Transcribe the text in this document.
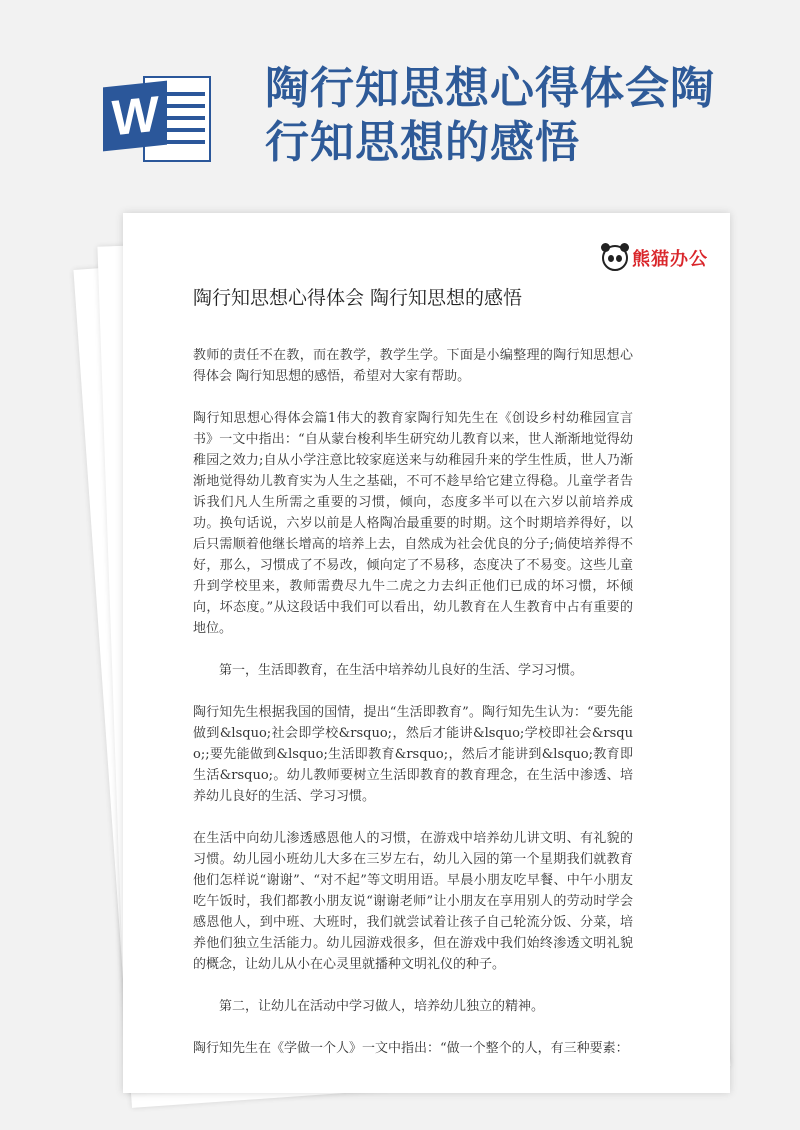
W 陶行知思想心得体会陶行知思想的感悟
熊猫办公
陶行知思想心得体会 陶行知思想的感悟

教师的责任不在教，而在教学，教学生学。下面是小编整理的陶行知思想心得体会 陶行知思想的感悟，希望对大家有帮助。

陶行知思想心得体会篇1伟大的教育家陶行知先生在《创设乡村幼稚园宣言书》一文中指出：“自从蒙台梭利毕生研究幼儿教育以来，世人渐渐地觉得幼稚园之效力;自从小学注意比较家庭送来与幼稚园升来的学生性质，世人乃渐渐地觉得幼儿教育实为人生之基础，不可不趁早给它建立得稳。儿童学者告诉我们凡人生所需之重要的习惯，倾向，态度多半可以在六岁以前培养成功。换句话说，六岁以前是人格陶冶最重要的时期。这个时期培养得好，以后只需顺着他继长增高的培养上去，自然成为社会优良的分子;倘使培养得不好，那么，习惯成了不易改，倾向定了不易移，态度决了不易变。这些儿童升到学校里来，教师需费尽九牛二虎之力去纠正他们已成的坏习惯，坏倾向，坏态度。”从这段话中我们可以看出，幼儿教育在人生教育中占有重要的地位。

第一，生活即教育，在生活中培养幼儿良好的生活、学习习惯。

陶行知先生根据我国的国情，提出“生活即教育”。陶行知先生认为：“要先能做到&lsquo;社会即学校&rsquo;，然后才能讲&lsquo;学校即社会&rsquo;;要先能做到&lsquo;生活即教育&rsquo;，然后才能讲到&lsquo;教育即生活&rsquo;。幼儿教师要树立生活即教育的教育理念，在生活中渗透、培养幼儿良好的生活、学习习惯。

在生活中向幼儿渗透感恩他人的习惯，在游戏中培养幼儿讲文明、有礼貌的习惯。幼儿园小班幼儿大多在三岁左右，幼儿入园的第一个星期我们就教育他们怎样说“谢谢”、“对不起”等文明用语。早晨小朋友吃早餐、中午小朋友吃午饭时，我们都教小朋友说“谢谢老师”让小朋友在享用别人的劳动时学会感恩他人，到中班、大班时，我们就尝试着让孩子自己轮流分饭、分菜，培养他们独立生活能力。幼儿园游戏很多，但在游戏中我们始终渗透文明礼貌的概念，让幼儿从小在心灵里就播种文明礼仪的种子。

第二，让幼儿在活动中学习做人，培养幼儿独立的精神。

陶行知先生在《学做一个人》一文中指出：“做一个整个的人，有三种要素：
